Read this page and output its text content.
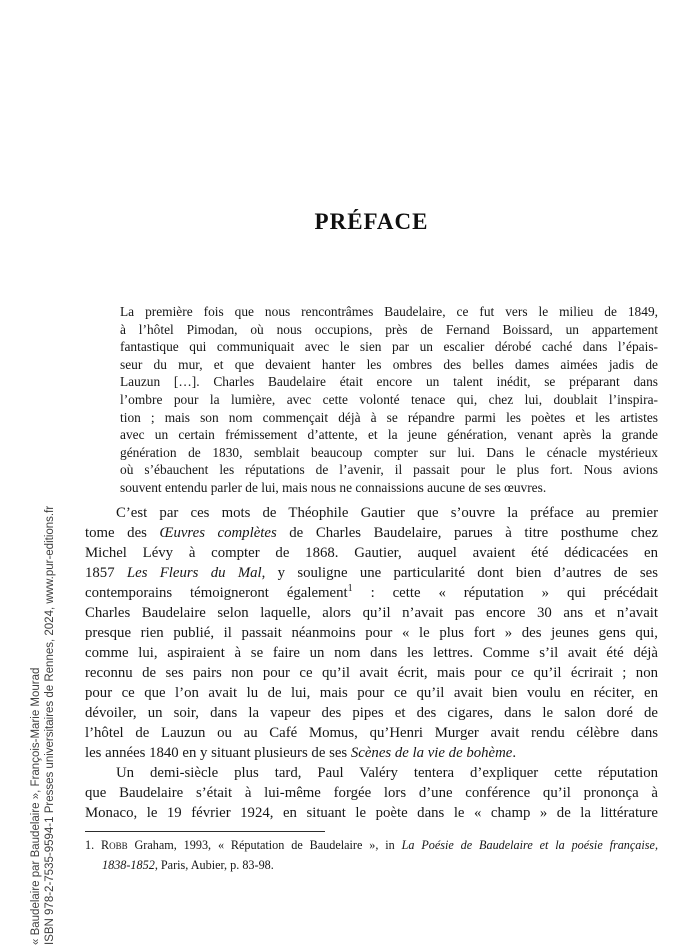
« Baudelaire par Baudelaire », François-Marie Mourad ISBN 978-2-7535-9594-1 Presses universitaires de Rennes, 2024, www.pur-editions.fr
PRÉFACE
La première fois que nous rencontrâmes Baudelaire, ce fut vers le milieu de 1849,
à l’hôtel Pimodan, où nous occupions, près de Fernand Boissard, un appartement
fantastique qui communiquait avec le sien par un escalier dérobé caché dans l’épais-
seur du mur, et que devaient hanter les ombres des belles dames aimées jadis de
Lauzun […]. Charles Baudelaire était encore un talent inédit, se préparant dans
l’ombre pour la lumière, avec cette volonté tenace qui, chez lui, doublait l’inspira-
tion ; mais son nom commençait déjà à se répandre parmi les poètes et les artistes
avec un certain frémissement d’attente, et la jeune génération, venant après la grande
génération de 1830, semblait beaucoup compter sur lui. Dans le cénacle mystérieux
où s’ébauchent les réputations de l’avenir, il passait pour le plus fort. Nous avions
souvent entendu parler de lui, mais nous ne connaissions aucune de ses œuvres.
C’est par ces mots de Théophile Gautier que s’ouvre la préface au premier
tome des Œuvres complètes de Charles Baudelaire, parues à titre posthume chez
Michel Lévy à compter de 1868. Gautier, auquel avaient été dédicacées en
1857 Les Fleurs du Mal, y souligne une particularité dont bien d’autres de ses
contemporains témoigneront également$^1$ : cette « réputation » qui précédait
Charles Baudelaire selon laquelle, alors qu’il n’avait pas encore 30 ans et n’avait
presque rien publié, il passait néanmoins pour « le plus fort » des jeunes gens qui,
comme lui, aspiraient à se faire un nom dans les lettres. Comme s’il avait été déjà
reconnu de ses pairs non pour ce qu’il avait écrit, mais pour ce qu’il écrirait ; non
pour ce que l’on avait lu de lui, mais pour ce qu’il avait bien voulu en réciter, en
dévoiler, un soir, dans la vapeur des pipes et des cigares, dans le salon doré de
l’hôtel de Lauzun ou au Café Momus, qu’Henri Murger avait rendu célèbre dans
les années 1840 en y situant plusieurs de ses Scènes de la vie de bohème.
Un demi-siècle plus tard, Paul Valéry tentera d’expliquer cette réputation
que Baudelaire s’était à lui-même forgée lors d’une conférence qu’il prononça à
Monaco, le 19 février 1924, en situant le poète dans le « champ » de la littérature
1. Robb Graham, 1993, « Réputation de Baudelaire », in La Poésie de Baudelaire et la poésie française,
1838-1852, Paris, Aubier, p. 83-98.
